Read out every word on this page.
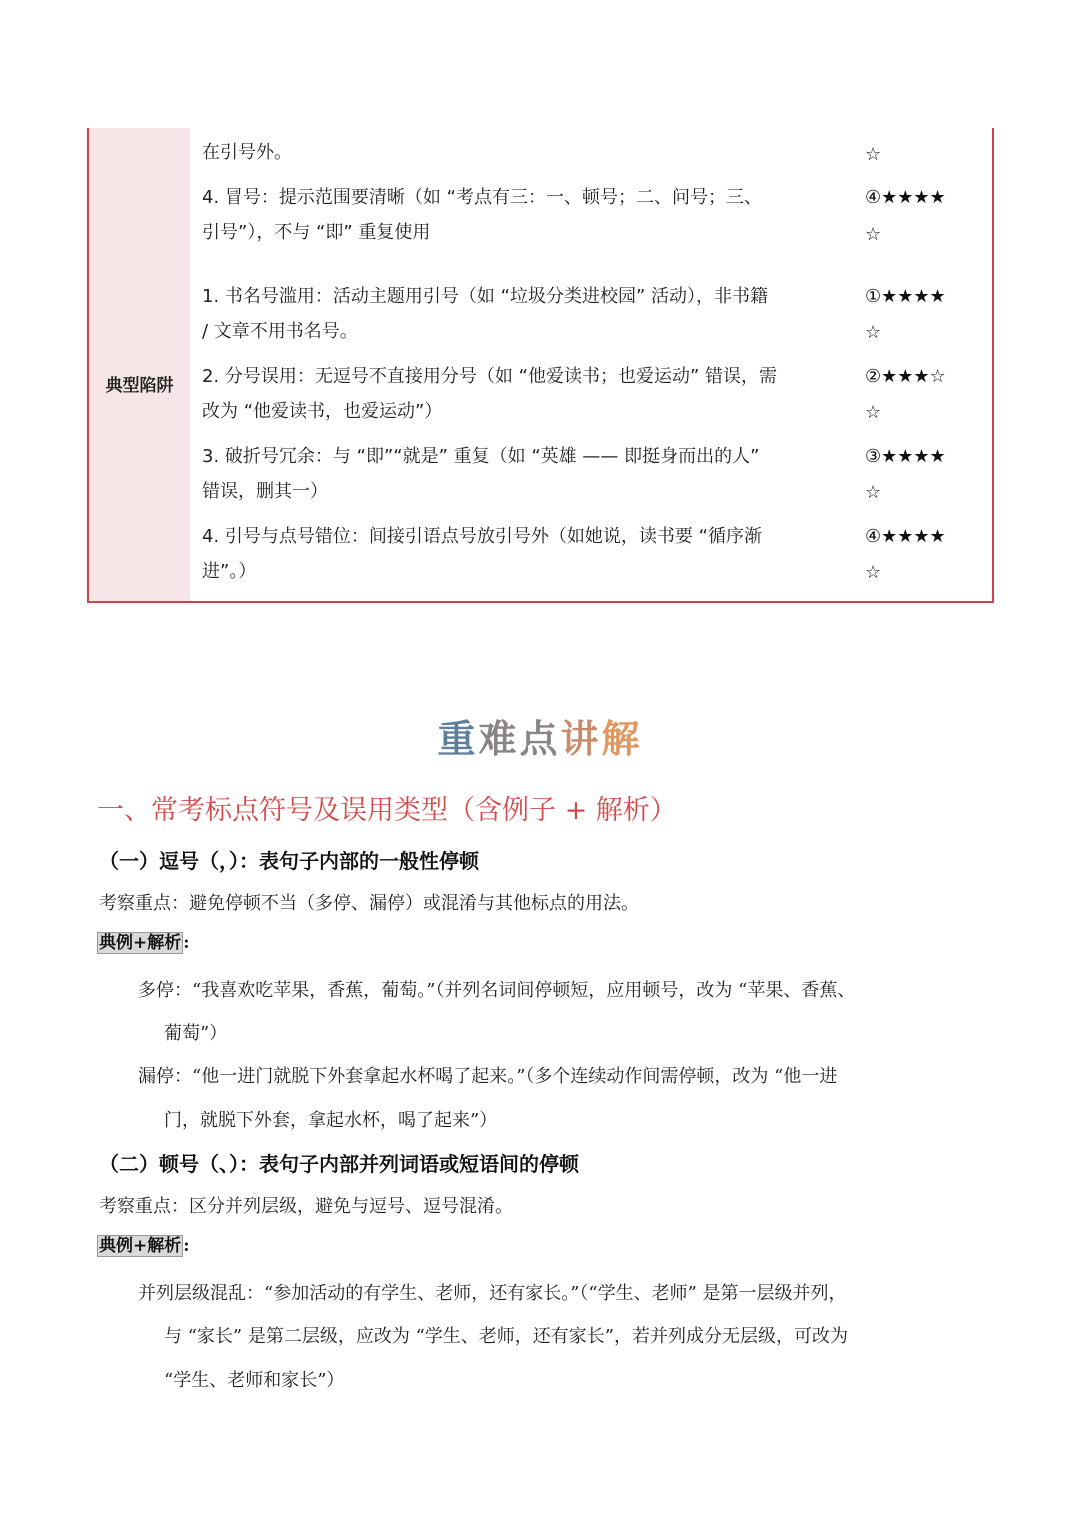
典型陷阱
在引号外。
4. 冒号：提示范围要清晰（如 “考点有三：一、顿号；二、问号；三、
引号”），不与 “即” 重复使用
☆
④★★★★
☆
1. 书名号滥用：活动主题用引号（如 “垃圾分类进校园” 活动），非书籍
/ 文章不用书名号。
2. 分号误用：无逗号不直接用分号（如 “他爱读书；也爱运动” 错误，需
改为 “他爱读书，也爱运动”）
3. 破折号冗余：与 “即”“就是” 重复（如 “英雄 —— 即挺身而出的人”
错误，删其一）
4. 引号与点号错位：间接引语点号放引号外（如她说，读书要 “循序渐
进”。）
①★★★★
☆
②★★★☆
☆
③★★★★
☆
④★★★★
☆
重难点讲解
一、常考标点符号及误用类型（含例子 + 解析）
（一）逗号（，）：表句子内部的一般性停顿
考察重点：避免停顿不当（多停、漏停）或混淆与其他标点的用法。
典例+解析 :
多停：“我喜欢吃苹果，香蕉，葡萄。”（并列名词间停顿短，应用顿号，改为 “苹果、香蕉、
葡萄”）
漏停：“他一进门就脱下外套拿起水杯喝了起来。”（多个连续动作间需停顿，改为 “他一进
门，就脱下外套，拿起水杯，喝了起来”）
（二）顿号（、）：表句子内部并列词语或短语间的停顿
考察重点：区分并列层级，避免与逗号、逗号混淆。
典例+解析 :
并列层级混乱：“参加活动的有学生、老师，还有家长。”（“学生、老师” 是第一层级并列，
与 “家长” 是第二层级，应改为 “学生、老师，还有家长”，若并列成分无层级，可改为
“学生、老师和家长”）
